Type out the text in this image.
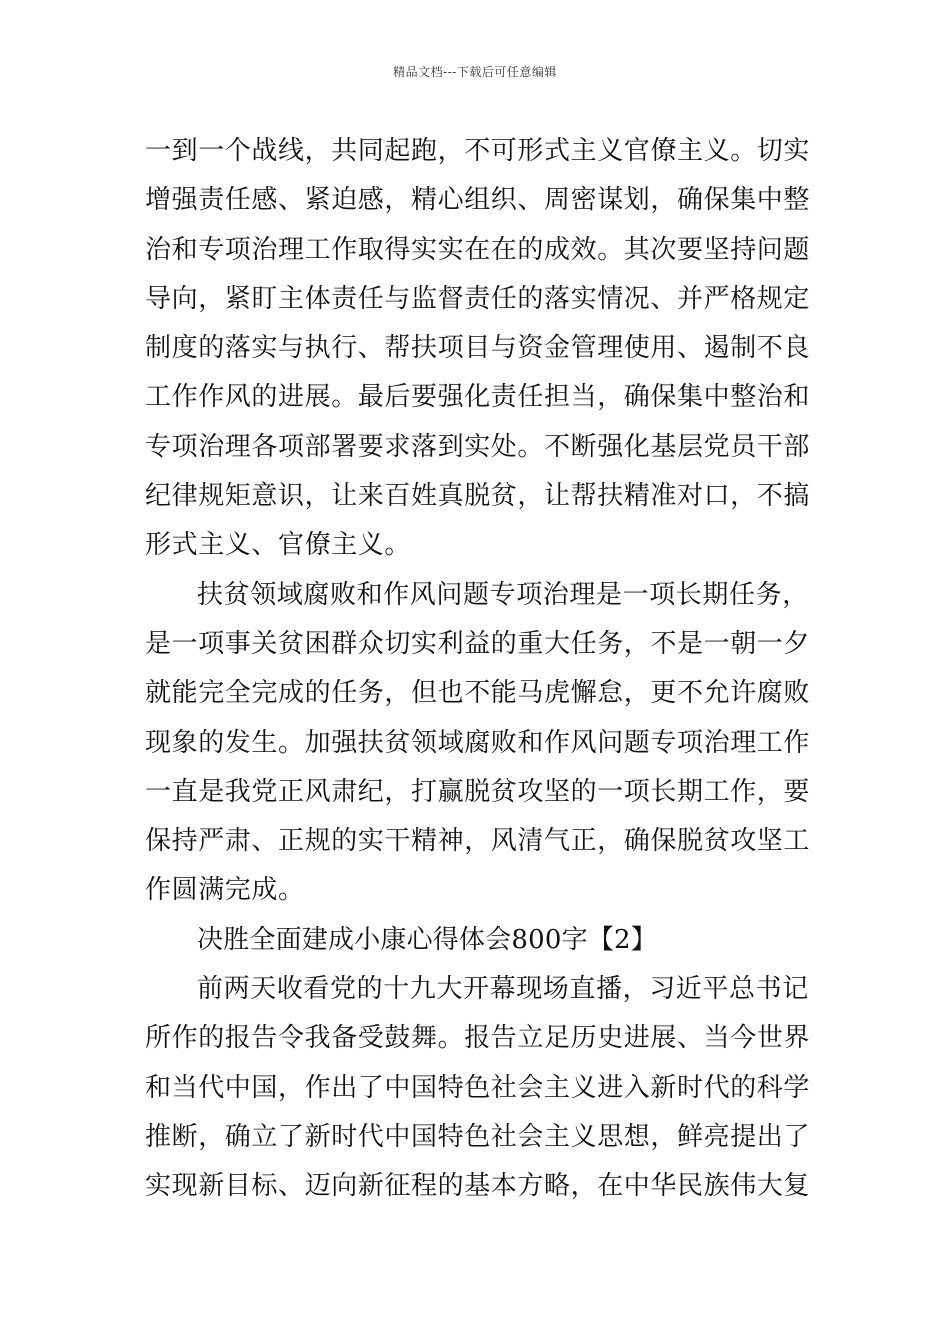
精品文档---下载后可任意编辑
一到一个战线，共同起跑，不可形式主义官僚主义。切实
增强责任感、紧迫感，精心组织、周密谋划，确保集中整
治和专项治理工作取得实实在在的成效。其次要坚持问题
导向，紧盯主体责任与监督责任的落实情况、并严格规定
制度的落实与执行、帮扶项目与资金管理使用、遏制不良
工作作风的进展。最后要强化责任担当，确保集中整治和
专项治理各项部署要求落到实处。不断强化基层党员干部
纪律规矩意识，让来百姓真脱贫，让帮扶精准对口，不搞
形式主义、官僚主义。
扶贫领域腐败和作风问题专项治理是一项长期任务，
是一项事关贫困群众切实利益的重大任务，不是一朝一夕
就能完全完成的任务，但也不能马虎懈怠，更不允许腐败
现象的发生。加强扶贫领域腐败和作风问题专项治理工作
一直是我党正风肃纪，打赢脱贫攻坚的一项长期工作，要
保持严肃、正规的实干精神，风清气正，确保脱贫攻坚工
作圆满完成。
决胜全面建成小康心得体会800字【2】
前两天收看党的十九大开幕现场直播，习近平总书记
所作的报告令我备受鼓舞。报告立足历史进展、当今世界
和当代中国，作出了中国特色社会主义进入新时代的科学
推断，确立了新时代中国特色社会主义思想，鲜亮提出了
实现新目标、迈向新征程的基本方略，在中华民族伟大复
